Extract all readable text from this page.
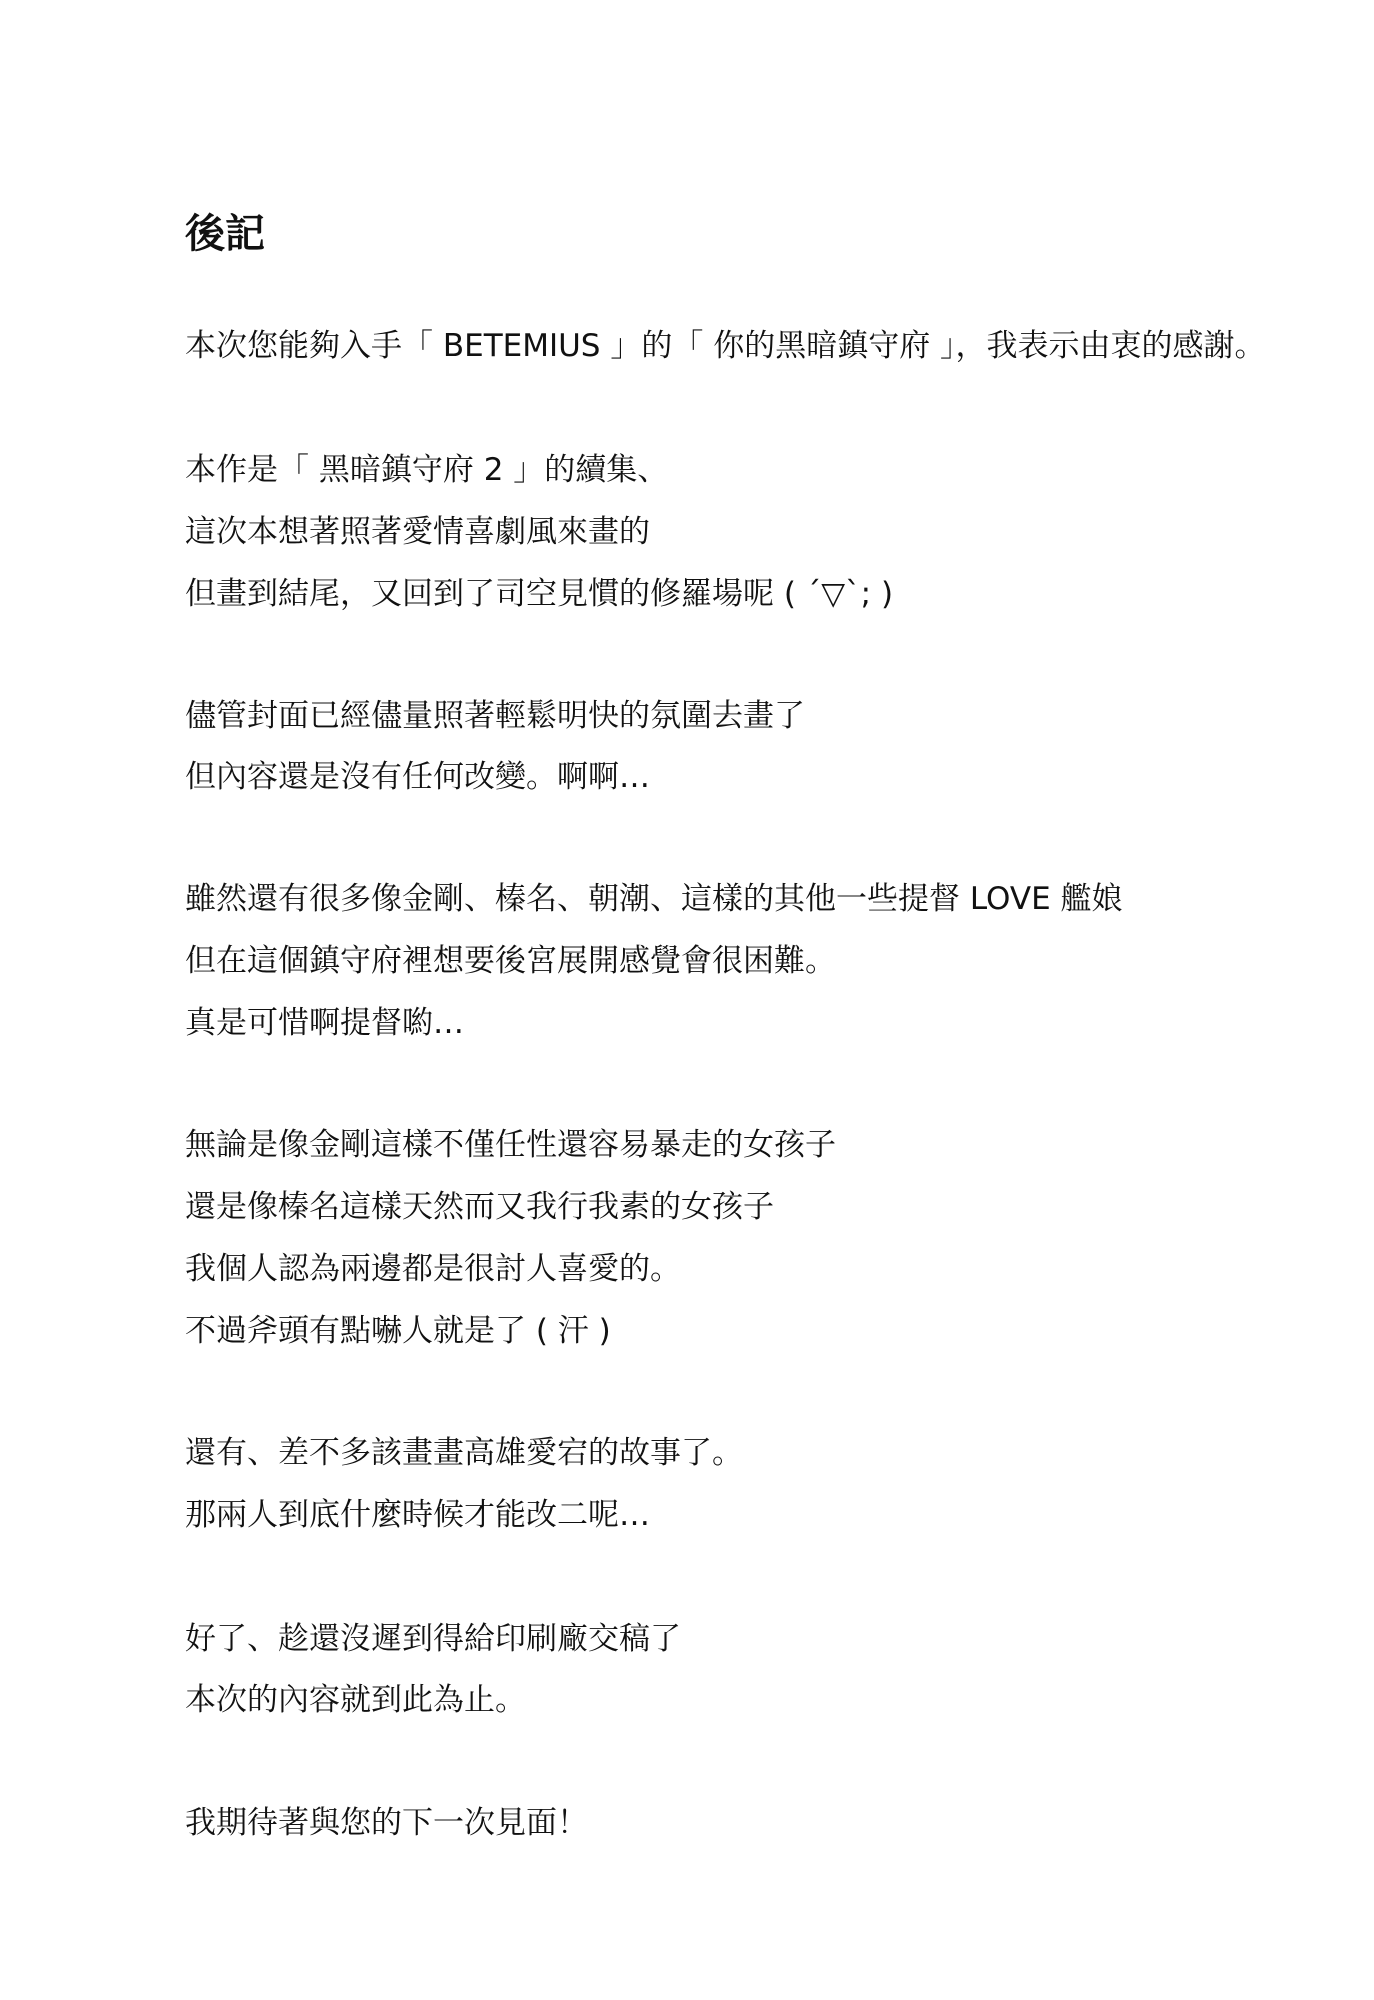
後記

本次您能夠入手「 BETEMIUS 」的「 你的黑暗鎮守府 」，我表示由衷的感謝。

本作是「 黑暗鎮守府 2 」的續集、

這次本想著照著愛情喜劇風來畫的

但畫到結尾，又回到了司空見慣的修羅場呢 ( ´▽`; )

儘管封面已經儘量照著輕鬆明快的氛圍去畫了

但內容還是沒有任何改變。啊啊…

雖然還有很多像金剛、榛名、朝潮、這樣的其他一些提督 LOVE 艦娘

但在這個鎮守府裡想要後宮展開感覺會很困難。

真是可惜啊提督喲…

無論是像金剛這樣不僅任性還容易暴走的女孩子

還是像榛名這樣天然而又我行我素的女孩子

我個人認為兩邊都是很討人喜愛的。

不過斧頭有點嚇人就是了 ( 汗 )

還有、差不多該畫畫高雄愛宕的故事了。

那兩人到底什麼時候才能改二呢…

好了、趁還沒遲到得給印刷廠交稿了

本次的內容就到此為止。

我期待著與您的下一次見面！
